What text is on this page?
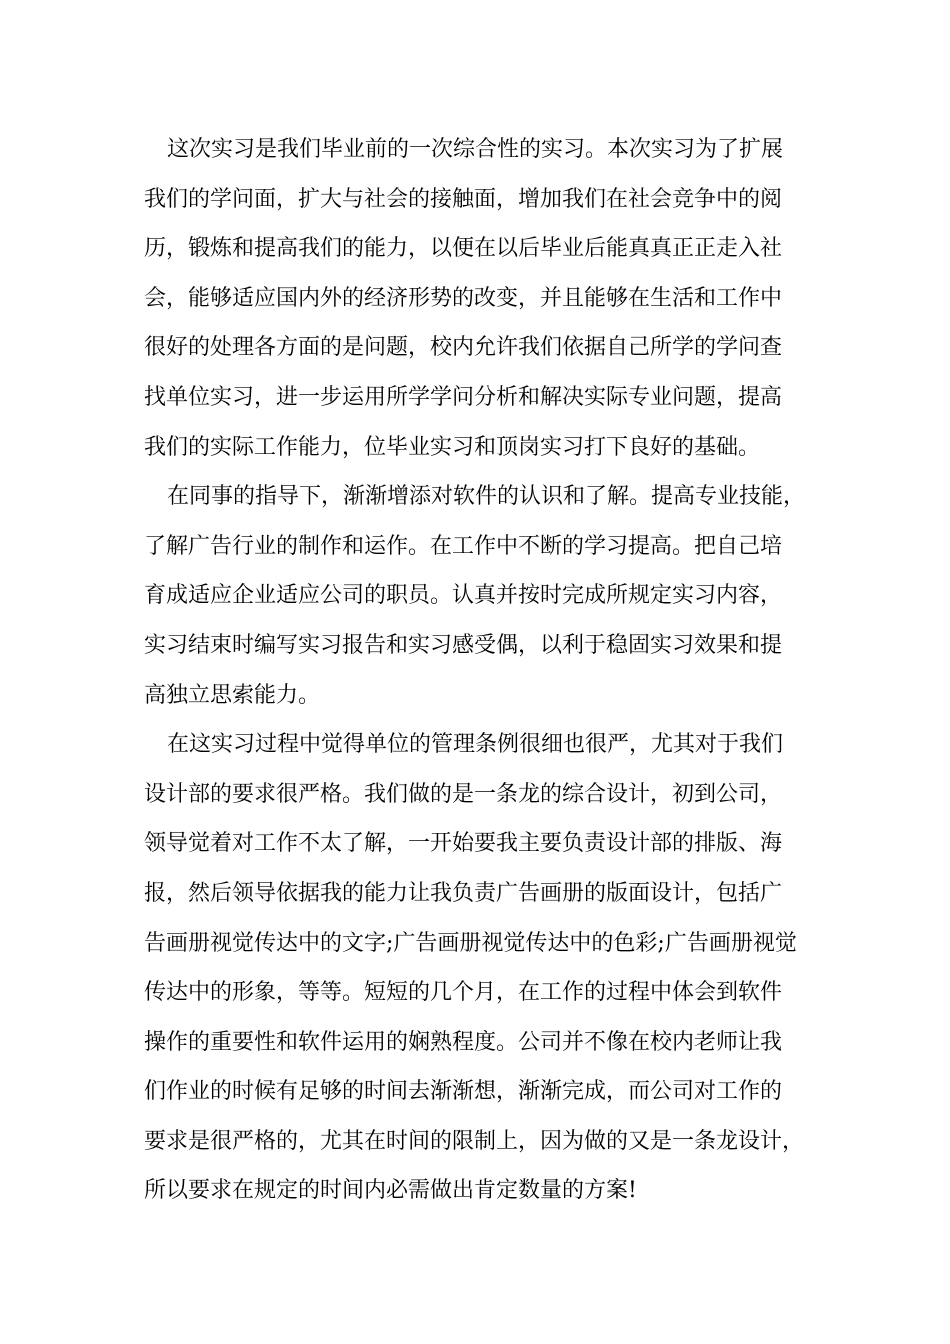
这次实习是我们毕业前的一次综合性的实习。本次实习为了扩展
我们的学问面，扩大与社会的接触面，增加我们在社会竞争中的阅
历，锻炼和提高我们的能力，以便在以后毕业后能真真正正走入社
会，能够适应国内外的经济形势的改变，并且能够在生活和工作中
很好的处理各方面的是问题，校内允许我们依据自己所学的学问查
找单位实习，进一步运用所学学问分析和解决实际专业问题，提高
我们的实际工作能力，位毕业实习和顶岗实习打下良好的基础。
在同事的指导下，渐渐增添对软件的认识和了解。提高专业技能，
了解广告行业的制作和运作。在工作中不断的学习提高。把自己培
育成适应企业适应公司的职员。认真并按时完成所规定实习内容，
实习结束时编写实习报告和实习感受偶，以利于稳固实习效果和提
高独立思索能力。
在这实习过程中觉得单位的管理条例很细也很严，尤其对于我们
设计部的要求很严格。我们做的是一条龙的综合设计，初到公司，
领导觉着对工作不太了解，一开始要我主要负责设计部的排版、海
报，然后领导依据我的能力让我负责广告画册的版面设计，包括广
告画册视觉传达中的文字;广告画册视觉传达中的色彩;广告画册视觉
传达中的形象，等等。短短的几个月，在工作的过程中体会到软件
操作的重要性和软件运用的娴熟程度。公司并不像在校内老师让我
们作业的时候有足够的时间去渐渐想，渐渐完成，而公司对工作的
要求是很严格的，尤其在时间的限制上，因为做的又是一条龙设计，
所以要求在规定的时间内必需做出肯定数量的方案!
